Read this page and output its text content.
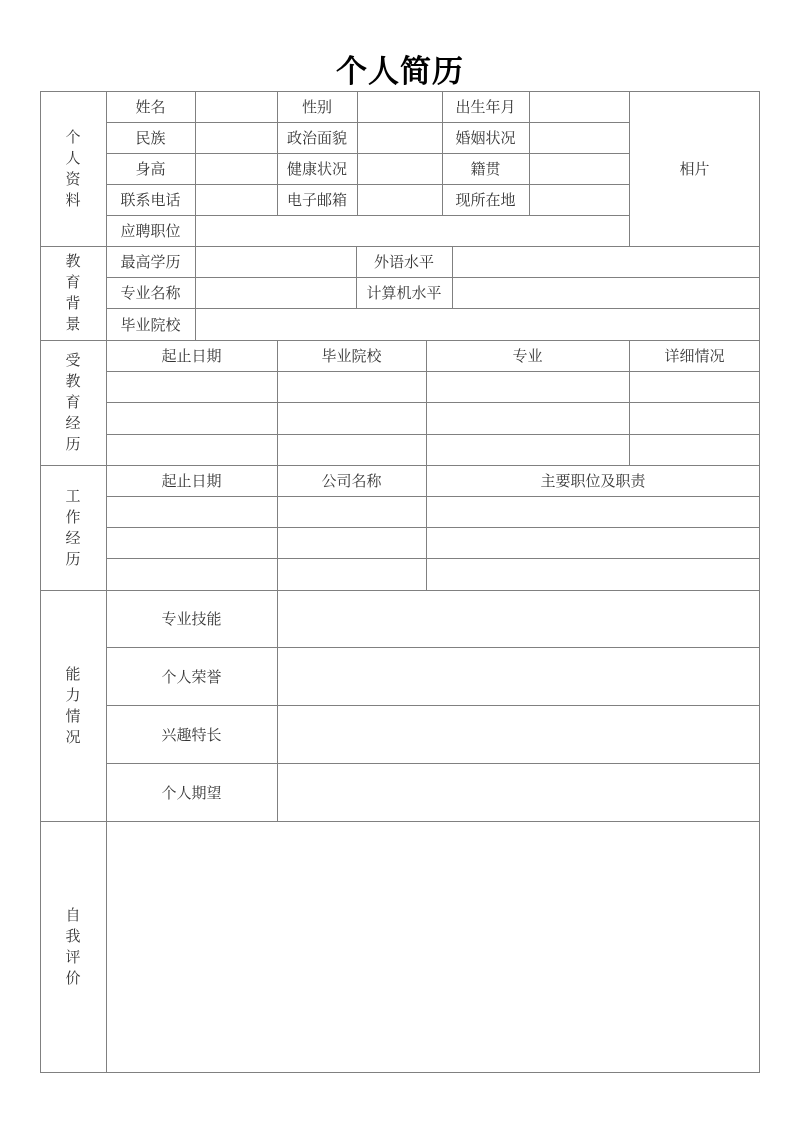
个人简历
个
人
资
料
姓名	性别	出生年月
民族	政治面貌	婚姻状况
身高	健康状况	籍贯
联系电话	电子邮箱	现所在地
应聘职位
相片
教
育
背
景
最高学历	外语水平
专业名称	计算机水平
毕业院校
受
教
育
经
历
起止日期	毕业院校	专业	详细情况
工
作
经
历
起止日期	公司名称	主要职位及职责
能
力
情
况
专业技能
个人荣誉
兴趣特长
个人期望
自
我
评
价
